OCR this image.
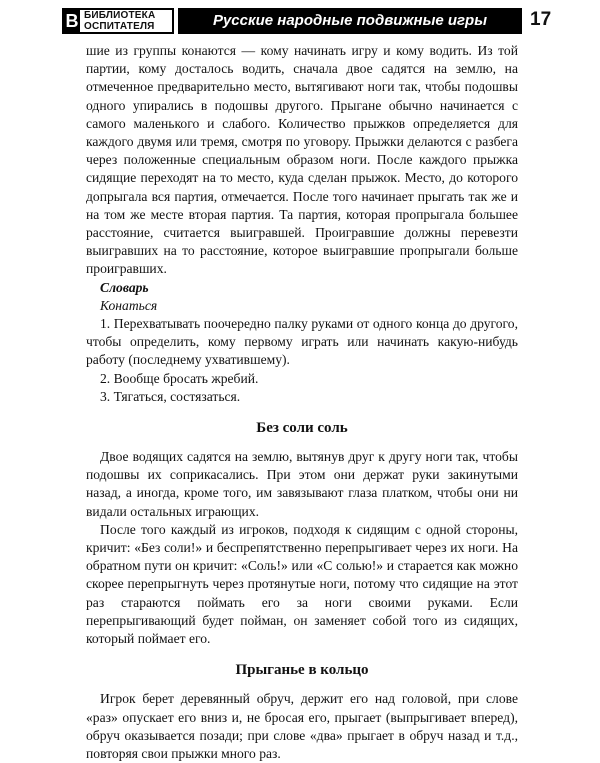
B БИБЛИОТЕКА
ОСПИТАТЕЛЯ	Русские народные подвижные игры	17

шие из группы конаются — кому начинать игру и кому водить. Из той партии, кому досталось водить, сначала двое садятся на землю, на отмеченное предварительно место, вытягивают ноги так, чтобы подошвы одного упирались в подошвы другого. Прыгане обычно начинается с самого маленького и слабого. Количество прыжков определяется для каждого двумя или тремя, смотря по уговору. Прыжки делаются с разбега через положенные специальным образом ноги. После каждого прыжка сидящие переходят на то место, куда сделан прыжок. Место, до которого допрыгала вся партия, отмечается. После того начинает прыгать так же и на том же месте вторая партия. Та партия, которая пропрыгала большее расстояние, считается выигравшей. Проигравшие должны перевезти выигравших на то расстояние, которое выигравшие пропрыгали больше проигравших.

Словарь
Конаться

1. Перехватывать поочередно палку руками от одного конца до другого, чтобы определить, кому первому играть или начинать какую-нибудь работу (последнему ухватившему).

2. Вообще бросать жребий.
3. Тягаться, состязаться.
Без соли соль

Двое водящих садятся на землю, вытянув друг к другу ноги так, чтобы подошвы их соприкасались. При этом они держат руки закинутыми назад, а иногда, кроме того, им завязывают глаза платком, чтобы они ни видали остальных играющих.

После того каждый из игроков, подходя к сидящим с одной стороны, кричит: «Без соли!» и беспрепятственно перепрыгивает через их ноги. На обратном пути он кричит: «Соль!» или «С солью!» и старается как можно скорее перепрыгнуть через протянутые ноги, потому что сидящие на этот раз стараются поймать его за ноги своими руками. Если перепрыгивающий будет пойман, он заменяет собой того из сидящих, который поймает его.

Прыганье в кольцо

Игрок берет деревянный обруч, держит его над головой, при слове «раз» опускает его вниз и, не бросая его, прыгает (выпрыгивает вперед), обруч оказывается позади; при слове «два» прыгает в обруч назад и т.д., повторяя свои прыжки много раз.
